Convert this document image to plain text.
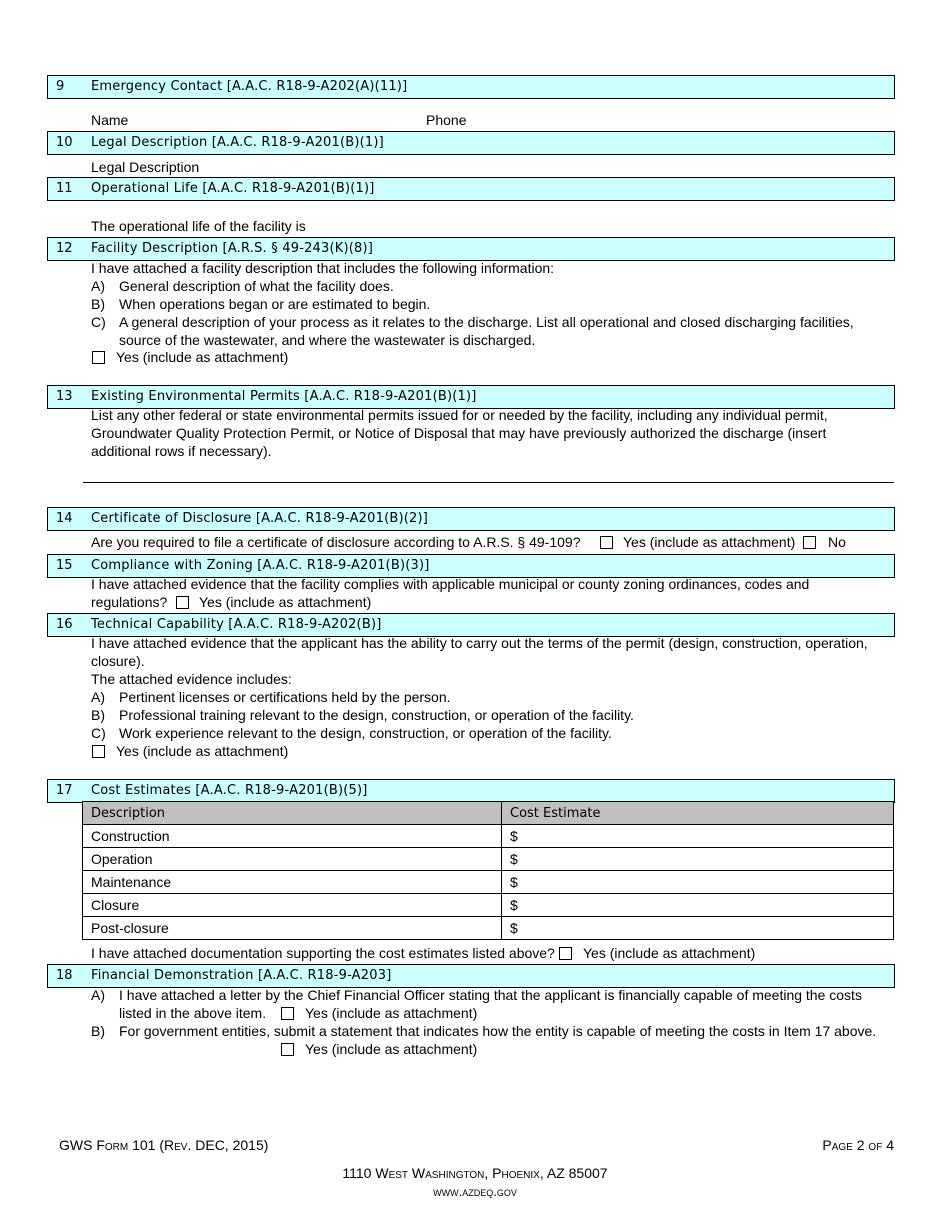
9 Emergency Contact [A.A.C. R18-9-A202(A)(11)]
Name	Phone
10 Legal Description [A.A.C. R18-9-A201(B)(1)]
Legal Description
11 Operational Life [A.A.C. R18-9-A201(B)(1)]
The operational life of the facility is
12 Facility Description [A.R.S. § 49-243(K)(8)]
I have attached a facility description that includes the following information:
A) General description of what the facility does.
B) When operations began or are estimated to begin.
C) A general description of your process as it relates to the discharge. List all operational and closed discharging facilities, source of the wastewater, and where the wastewater is discharged.
Yes (include as attachment)
13 Existing Environmental Permits [A.A.C. R18-9-A201(B)(1)]
List any other federal or state environmental permits issued for or needed by the facility, including any individual permit, Groundwater Quality Protection Permit, or Notice of Disposal that may have previously authorized the discharge (insert additional rows if necessary).
14 Certificate of Disclosure [A.A.C. R18-9-A201(B)(2)]
Are you required to file a certificate of disclosure according to A.R.S. § 49-109?	Yes (include as attachment) No
15 Compliance with Zoning [A.A.C. R18-9-A201(B)(3)]
I have attached evidence that the facility complies with applicable municipal or county zoning ordinances, codes and
regulations? Yes (include as attachment)
16 Technical Capability [A.A.C. R18-9-A202(B)]
I have attached evidence that the applicant has the ability to carry out the terms of the permit (design, construction, operation, closure).
The attached evidence includes:
A) Pertinent licenses or certifications held by the person.
B) Professional training relevant to the design, construction, or operation of the facility.
C) Work experience relevant to the design, construction, or operation of the facility.
Yes (include as attachment)
17 Cost Estimates [A.A.C. R18-9-A201(B)(5)]
Description	Cost Estimate
Construction	$
Operation	$
Maintenance	$
Closure	$
Post-closure	$
I have attached documentation supporting the cost estimates listed above? Yes (include as attachment)
18 Financial Demonstration [A.A.C. R18-9-A203]
A) I have attached a letter by the Chief Financial Officer stating that the applicant is financially capable of meeting the costs
listed in the above item.	Yes (include as attachment)
B) For government entities, submit a statement that indicates how the entity is capable of meeting the costs in Item 17 above.
Yes (include as attachment)
GWS Form 101 (Rev. DEC, 2015)	Page 2 of 4
1110 West Washington, Phoenix, AZ 85007
www.azdeq.gov
